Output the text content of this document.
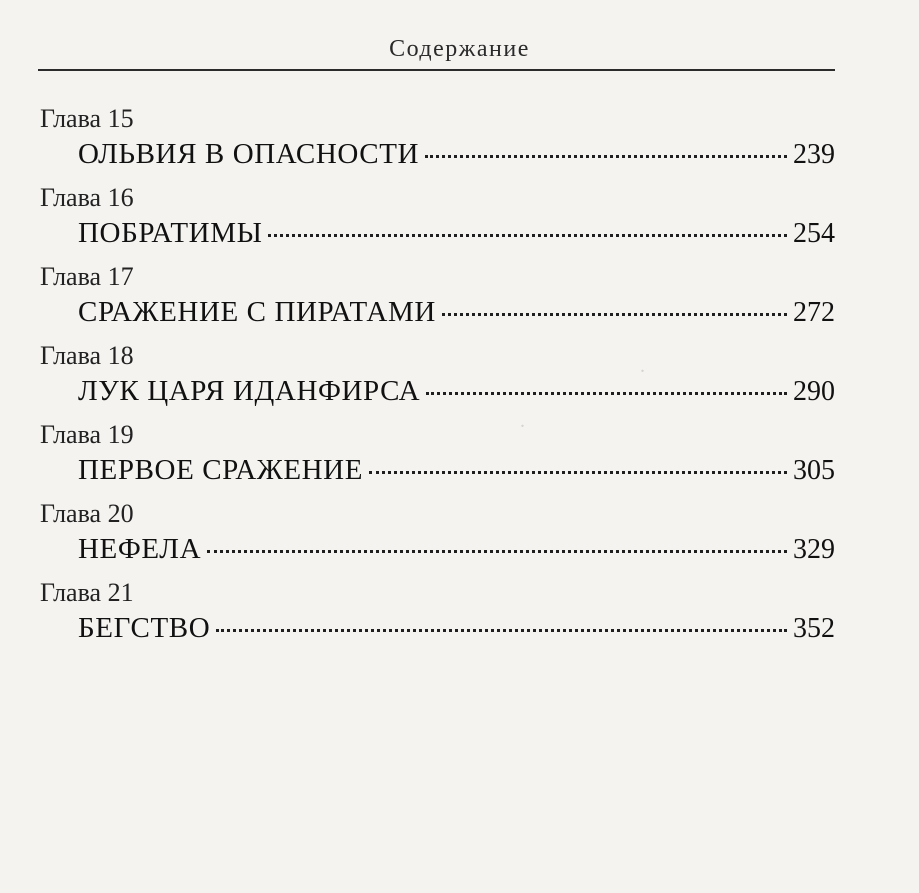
.
.
Содержание
Глава 15
ОЛЬВИЯ В ОПАСНОСТИ	239
Глава 16
ПОБРАТИМЫ	254
Глава 17
СРАЖЕНИЕ С ПИРАТАМИ	272
Глава 18
ЛУК ЦАРЯ ИДАНФИРСА	290
Глава 19
ПЕРВОЕ СРАЖЕНИЕ	305
Глава 20
НЕФЕЛА	329
Глава 21
БЕГСТВО	352
